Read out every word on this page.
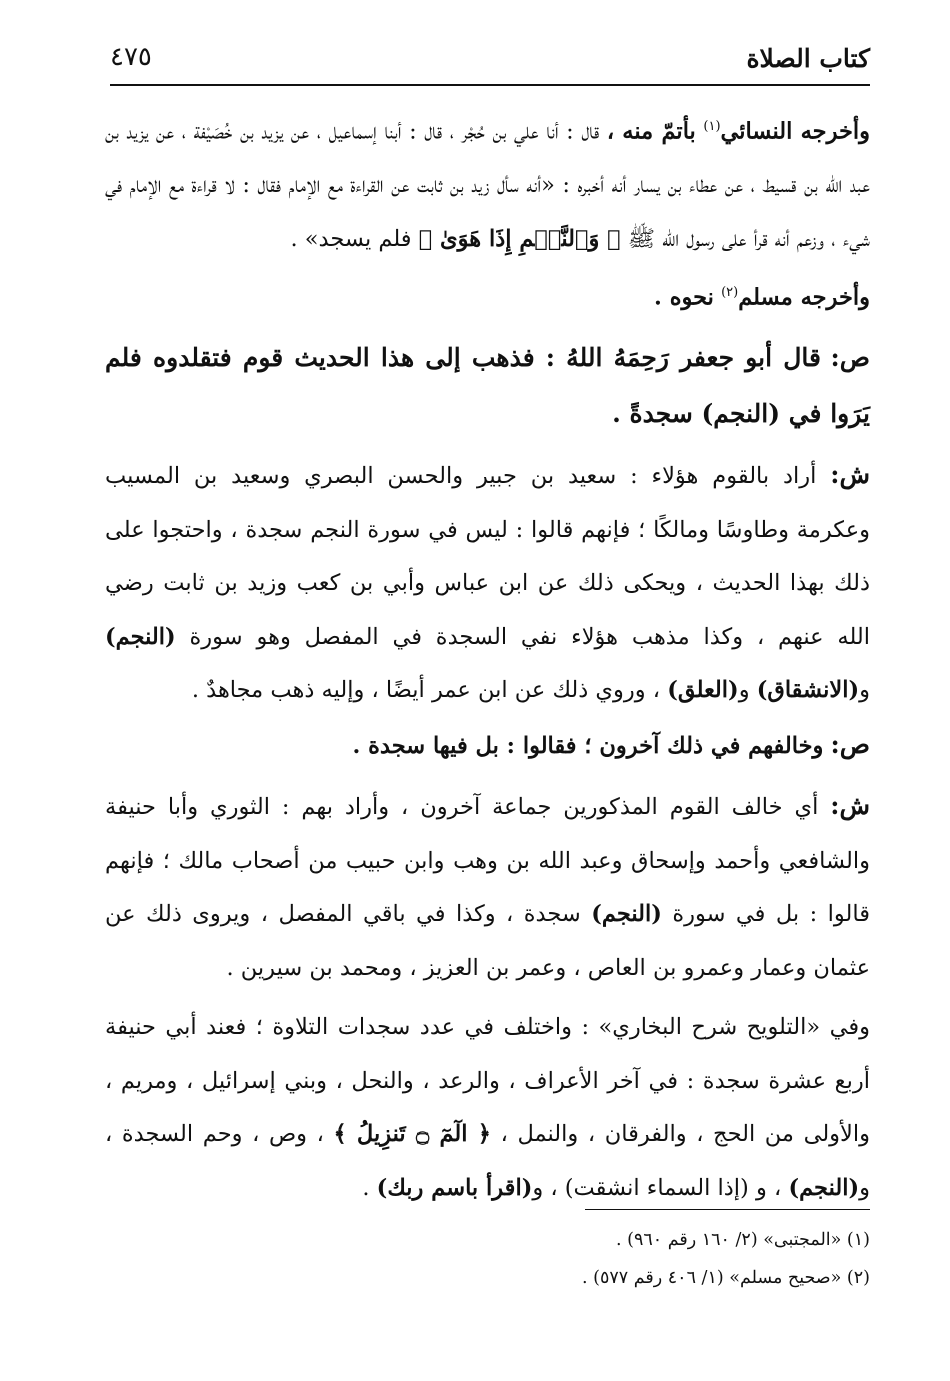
كتاب الصلاة
٤٧٥

وأخرجه النسائي$^{(١)}$ بأتمّ منه ، قال : أنا علي بن حُجْر ، قال : أبنا إسماعيل ، عن يزيد بن خُصَيْفة ، عن يزيد بن عبد الله بن قسيط ، عن عطاء بن يسار أنه أخبره : «أنه سأل زيد بن ثابت عن القراءة مع الإمام فقال : لا قراءة مع الإمام في شيء ، وزعم أنه قرأ على رسول الله ﷺ ﴿ وَٱلنَّجۡمِ إِذَا هَوَىٰ ﴾ فلم يسجد» .

وأخرجه مسلم$^{(٢)}$ نحوه .

ص: قال أبو جعفر رَحِمَهُ اللهُ : فذهب إلى هذا الحديث قوم فتقلدوه فلم يَرَوا في (النجم) سجدةً .

ش: أراد بالقوم هؤلاء : سعيد بن جبير والحسن البصري وسعيد بن المسيب وعكرمة وطاوسًا ومالكًا ؛ فإنهم قالوا : ليس في سورة النجم سجدة ، واحتجوا على ذلك بهذا الحديث ، ويحكى ذلك عن ابن عباس وأبي بن كعب وزيد بن ثابت رضي الله عنهم ، وكذا مذهب هؤلاء نفي السجدة في المفصل وهو سورة (النجم) و(الانشقاق) و(العلق) ، وروي ذلك عن ابن عمر أيضًا ، وإليه ذهب مجاهدٌ .

ص: وخالفهم في ذلك آخرون ؛ فقالوا : بل فيها سجدة .

ش: أي خالف القوم المذكورين جماعة آخرون ، وأراد بهم : الثوري وأبا حنيفة والشافعي وأحمد وإسحاق وعبد الله بن وهب وابن حبيب من أصحاب مالك ؛ فإنهم قالوا : بل في سورة (النجم) سجدة ، وكذا في باقي المفصل ، ويروى ذلك عن عثمان وعمار وعمرو بن العاص ، وعمر بن العزيز ، ومحمد بن سيرين .

وفي «التلويح شرح البخاري» : واختلف في عدد سجدات التلاوة ؛ فعند أبي حنيفة أربع عشرة سجدة : في آخر الأعراف ، والرعد ، والنحل ، وبني إسرائيل ، ومريم ، والأولى من الحج ، والفرقان ، والنمل ، ﴿ الٓمٓ ۝ تَنزِيلُ ﴾ ، وص ، وحم السجدة ، و(النجم) ، و (إذا السماء انشقت) ، و(اقرأ باسم ربك) .

(١) «المجتبى» (٢/ ١٦٠ رقم ٩٦٠) .
(٢) «صحيح مسلم» (١/ ٤٠٦ رقم ٥٧٧) .
